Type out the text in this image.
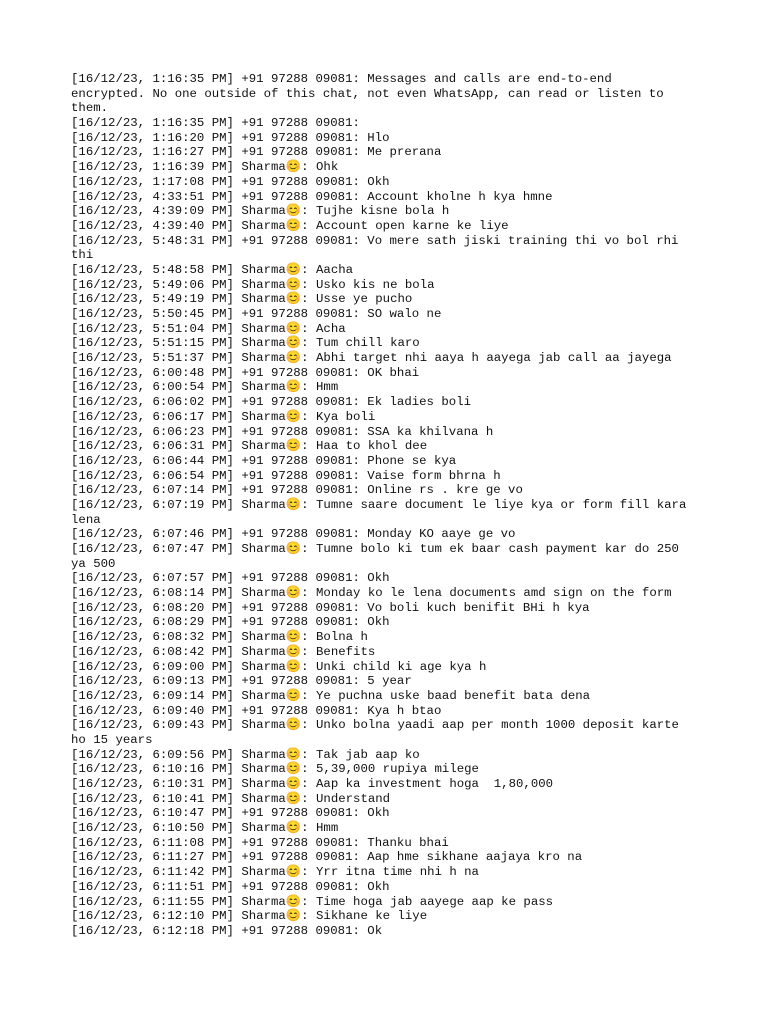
[16/12/23, 1:16:35 PM] +91 97288 09081: Messages and calls are end-to-end encrypted. No one outside of this chat, not even WhatsApp, can read or listen to them.
[16/12/23, 1:16:35 PM] +91 97288 09081:
[16/12/23, 1:16:20 PM] +91 97288 09081: Hlo
[16/12/23, 1:16:27 PM] +91 97288 09081: Me prerana
[16/12/23, 1:16:39 PM] Sharma😊: Ohk
[16/12/23, 1:17:08 PM] +91 97288 09081: Okh
[16/12/23, 4:33:51 PM] +91 97288 09081: Account kholne h kya hmne
[16/12/23, 4:39:09 PM] Sharma😊: Tujhe kisne bola h
[16/12/23, 4:39:40 PM] Sharma😊: Account open karne ke liye
[16/12/23, 5:48:31 PM] +91 97288 09081: Vo mere sath jiski training thi vo bol rhi thi
[16/12/23, 5:48:58 PM] Sharma😊: Aacha
[16/12/23, 5:49:06 PM] Sharma😊: Usko kis ne bola
[16/12/23, 5:49:19 PM] Sharma😊: Usse ye pucho
[16/12/23, 5:50:45 PM] +91 97288 09081: SO walo ne
[16/12/23, 5:51:04 PM] Sharma😊: Acha
[16/12/23, 5:51:15 PM] Sharma😊: Tum chill karo
[16/12/23, 5:51:37 PM] Sharma😊: Abhi target nhi aaya h aayega jab call aa jayega
[16/12/23, 6:00:48 PM] +91 97288 09081: OK bhai
[16/12/23, 6:00:54 PM] Sharma😊: Hmm
[16/12/23, 6:06:02 PM] +91 97288 09081: Ek ladies boli
[16/12/23, 6:06:17 PM] Sharma😊: Kya boli
[16/12/23, 6:06:23 PM] +91 97288 09081: SSA ka khilvana h
[16/12/23, 6:06:31 PM] Sharma😊: Haa to khol dee
[16/12/23, 6:06:44 PM] +91 97288 09081: Phone se kya
[16/12/23, 6:06:54 PM] +91 97288 09081: Vaise form bhrna h
[16/12/23, 6:07:14 PM] +91 97288 09081: Online rs . kre ge vo
[16/12/23, 6:07:19 PM] Sharma😊: Tumne saare document le liye kya or form fill kara lena
[16/12/23, 6:07:46 PM] +91 97288 09081: Monday KO aaye ge vo
[16/12/23, 6:07:47 PM] Sharma😊: Tumne bolo ki tum ek baar cash payment kar do 250 ya 500
[16/12/23, 6:07:57 PM] +91 97288 09081: Okh
[16/12/23, 6:08:14 PM] Sharma😊: Monday ko le lena documents amd sign on the form
[16/12/23, 6:08:20 PM] +91 97288 09081: Vo boli kuch benifit BHi h kya
[16/12/23, 6:08:29 PM] +91 97288 09081: Okh
[16/12/23, 6:08:32 PM] Sharma😊: Bolna h
[16/12/23, 6:08:42 PM] Sharma😊: Benefits
[16/12/23, 6:09:00 PM] Sharma😊: Unki child ki age kya h
[16/12/23, 6:09:13 PM] +91 97288 09081: 5 year
[16/12/23, 6:09:14 PM] Sharma😊: Ye puchna uske baad benefit bata dena
[16/12/23, 6:09:40 PM] +91 97288 09081: Kya h btao
[16/12/23, 6:09:43 PM] Sharma😊: Unko bolna yaadi aap per month 1000 deposit karte ho 15 years
[16/12/23, 6:09:56 PM] Sharma😊: Tak jab aap ko
[16/12/23, 6:10:16 PM] Sharma😊: 5,39,000 rupiya milege
[16/12/23, 6:10:31 PM] Sharma😊: Aap ka investment hoga  1,80,000
[16/12/23, 6:10:41 PM] Sharma😊: Understand
[16/12/23, 6:10:47 PM] +91 97288 09081: Okh
[16/12/23, 6:10:50 PM] Sharma😊: Hmm
[16/12/23, 6:11:08 PM] +91 97288 09081: Thanku bhai
[16/12/23, 6:11:27 PM] +91 97288 09081: Aap hme sikhane aajaya kro na
[16/12/23, 6:11:42 PM] Sharma😊: Yrr itna time nhi h na
[16/12/23, 6:11:51 PM] +91 97288 09081: Okh
[16/12/23, 6:11:55 PM] Sharma😊: Time hoga jab aayege aap ke pass
[16/12/23, 6:12:10 PM] Sharma😊: Sikhane ke liye
[16/12/23, 6:12:18 PM] +91 97288 09081: Ok
